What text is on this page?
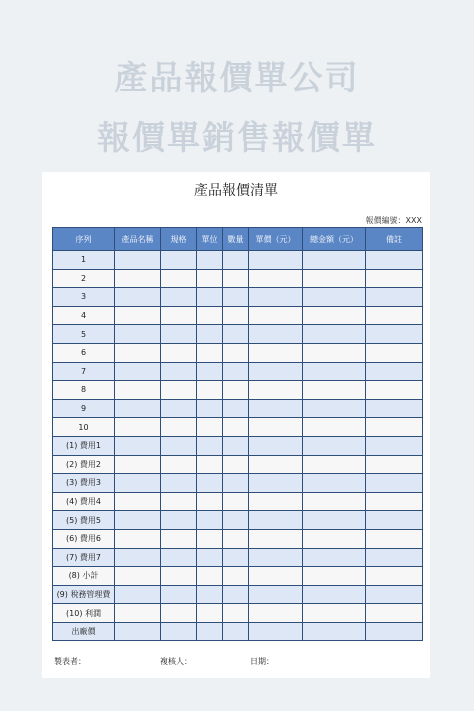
產品報價單公司
報價單銷售報價單
產品報價清單
報價編號：XXX
序列	產品名稱	規格	單位	數量	單價（元）	總金額（元）	備註
1							
2							
3							
4							
5							
6							
7							
8							
9							
10							
(1) 費用1							
(2) 費用2							
(3) 費用3							
(4) 費用4							
(5) 費用5							
(6) 費用6							
(7) 費用7							
(8) 小計							
(9) 稅務管理費							
(10) 利潤							
出廠價							
製表者：	複核人：	日期：
